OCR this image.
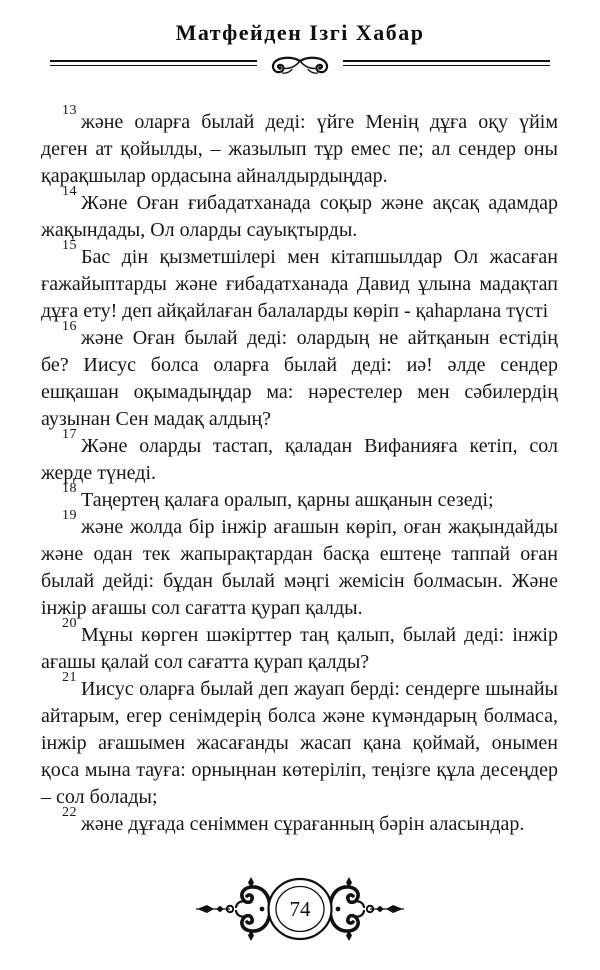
Матфейден Ізгі Хабар

$^{13}$және оларға былай деді: үйге Менің дұға оқу үйім деген ат қойылды, – жазылып тұр емес пе; ал сендер оны қарақшылар ордасына айналдырдыңдар.

$^{14}$Және Оған ғибадатханада соқыр және ақсақ адамдар жақындады, Ол оларды сауықтырды.

$^{15}$Бас дін қызметшілері мен кітапшылдар Ол жасаған ғажайыптарды және ғибадатханада Давид ұлына мадақтап дұға ету! деп айқайлаған балаларды көріп - қаһарлана түсті

$^{16}$және Оған былай деді: олардың не айтқанын естідің бе? Иисус болса оларға былай деді: иә! әлде сендер ешқашан оқымадыңдар ма: нәрестелер мен сәбилердің аузынан Сен мадақ алдың?

$^{17}$Және оларды тастап, қаладан Вифанияға кетіп, сол жерде түнеді.

$^{18}$Таңертең қалаға оралып, қарны ашқанын сезеді;

$^{19}$және жолда бір інжір ағашын көріп, оған жақындайды және одан тек жапырақтардан басқа ештеңе таппай оған былай дейді: бұдан былай мәңгі жемісін болмасын. Және інжір ағашы сол сағатта қурап қалды.

$^{20}$Мұны көрген шәкірттер таң қалып, былай деді: інжір ағашы қалай сол сағатта қурап қалды?

$^{21}$Иисус оларға былай деп жауап берді: сендерге шынайы айтарым, егер сенімдерің болса және күмәндарың болмаса, інжір ағашымен жасағанды жасап қана қоймай, онымен қоса мына тауға: орныңнан көтеріліп, теңізге құла десеңдер – сол болады;

$^{22}$және дұғада сеніммен сұрағанның бәрін аласындар.

74
